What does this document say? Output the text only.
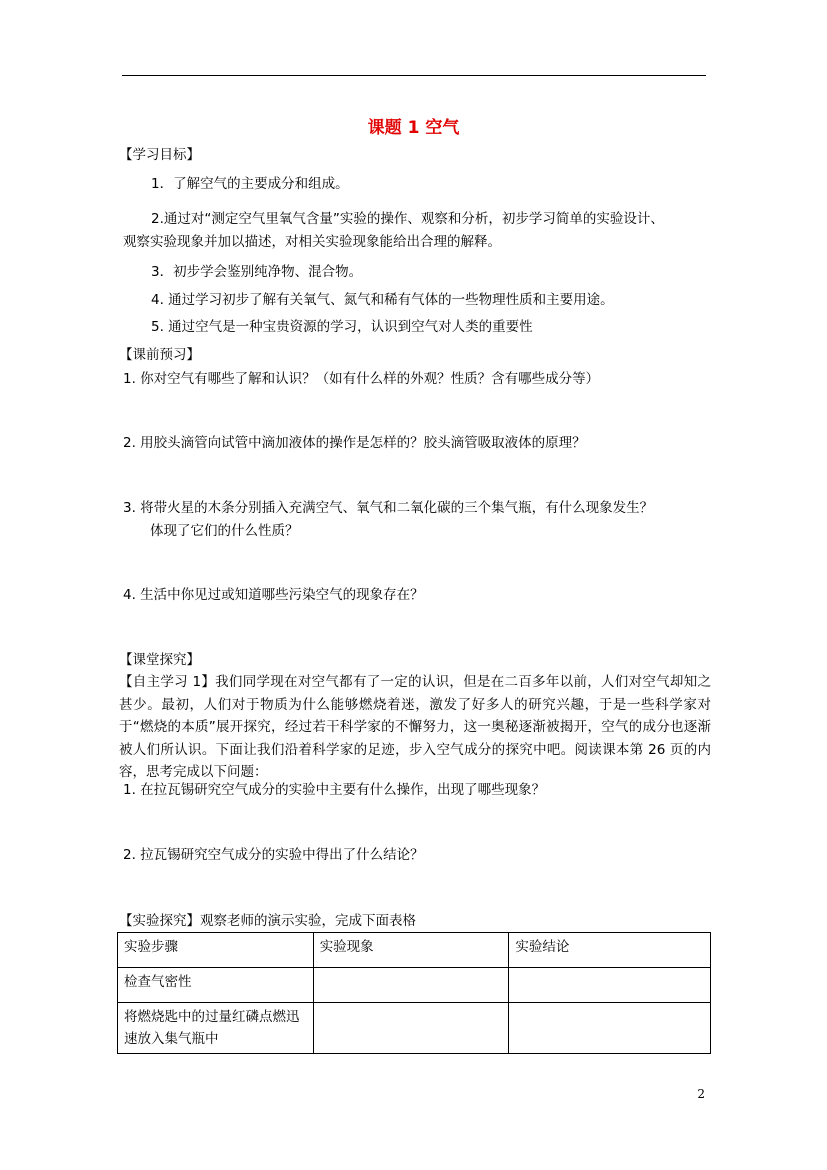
课题 1 空气
【学习目标】
1．了解空气的主要成分和组成。
2.通过对“测定空气里氧气含量”实验的操作、观察和分析，初步学习简单的实验设计、
观察实验现象并加以描述，对相关实验现象能给出合理的解释。
3．初步学会鉴别纯净物、混合物。
4. 通过学习初步了解有关氧气、氮气和稀有气体的一些物理性质和主要用途。
5. 通过空气是一种宝贵资源的学习，认识到空气对人类的重要性
【课前预习】
1. 你对空气有哪些了解和认识？（如有什么样的外观？性质？含有哪些成分等）
2. 用胶头滴管向试管中滴加液体的操作是怎样的？胶头滴管吸取液体的原理？
3. 将带火星的木条分别插入充满空气、氧气和二氧化碳的三个集气瓶，有什么现象发生？
体现了它们的什么性质？
4. 生活中你见过或知道哪些污染空气的现象存在？
【课堂探究】
【自主学习 1】我们同学现在对空气都有了一定的认识，但是在二百多年以前，人们对空气却知之甚少。最初，人们对于物质为什么能够燃烧着迷，激发了好多人的研究兴趣，于是一些科学家对于“燃烧的本质”展开探究，经过若干科学家的不懈努力，这一奥秘逐渐被揭开，空气的成分也逐渐被人们所认识。下面让我们沿着科学家的足迹，步入空气成分的探究中吧。阅读课本第 26 页的内容，思考完成以下问题：
1. 在拉瓦锡研究空气成分的实验中主要有什么操作，出现了哪些现象？
2. 拉瓦锡研究空气成分的实验中得出了什么结论？
【实验探究】观察老师的演示实验，完成下面表格
实验步骤	实验现象	实验结论
检查气密性		
将燃烧匙中的过量红磷点燃迅速放入集气瓶中		
2
